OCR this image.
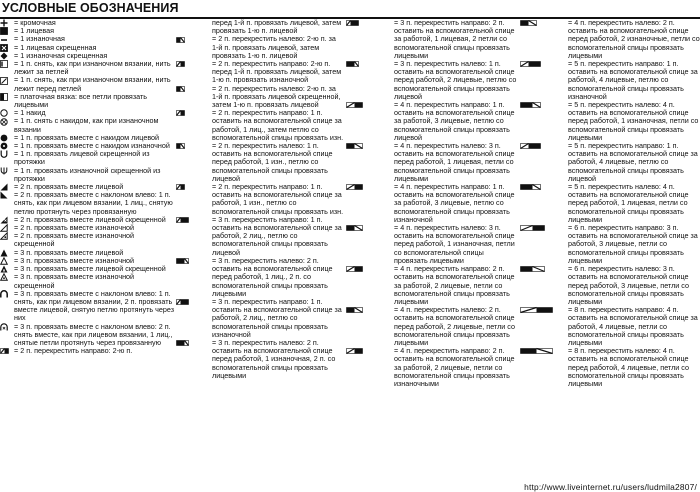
УСЛОВНЫЕ ОБОЗНАЧЕНИЯ
= кромочная
= 1 лицевая
= 1 изнаночная
= 1 лицевая скрещенная
= 1 изнаночная скрещенная
= 1 п. снять, как при изнаночном вязании, нить лежит за петлей
= 1 п. снять, как при изнаночном вязании, нить лежит перед петлей
= платочная вязка: все петли провязать лицевыми
= 1 накид
= 1 п. снять с накидом, как при изнаночном вязании
= 1 п. провязать вместе с накидом лицевой
= 1 п. провязать вместе с накидом изнаночной
= 1 п. провязать лицевой скрещенной из протяжки
= 1 п. провязать изнаночной скрещенной из протяжки
= 2 п. провязать вместе лицевой
= 2 п. провязать вместе с наклоном влево: 1 п. снять, как при лицевом вязании, 1 лиц., снятую петлю протянуть через провязанную
= 2 п. провязать вместе лицевой скрещенной
= 2 п. провязать вместе изнаночной
= 2 п. провязать вместе изнаночной скрещенной
= 3 п. провязать вместе лицевой
= 3 п. провязать вместе изнаночной
= 3 п. провязать вместе лицевой скрещенной
= 3 п. провязать вместе изнаночной скрещенной
= 3 п. провязать вместе с наклоном влево: 1 п. снять, как при лицевом вязании, 2 п. провязать вместе лицевой, снятую петлю протянуть через них
= 3 п. провязать вместе с наклоном влево: 2 п. снять вместе, как при лицевом вязании, 1 лиц., снятые петли протянуть через провязанную
= 2 п. перекрестить направо: 2-ю п.
перед 1-й п. провязать лицевой, затем провязать 1-ю п. лицевой
= 2 п. перекрестить налево: 2-ю п. за 1-й п. провязать лицевой, затем провязать 1-ю п. лицевой
= 2 п. перекрестить направо: 2-ю п. перед 1-й п. провязать лицевой, затем 1-ю п. провязать изнаночной
= 2 п. перекрестить налево: 2-ю п. за 1-й п. провязать лицевой скрещенной, затем 1-ю п. провязать лицевой
= 2 п. перекрестить направо: 1 п. оставить на вспомогательной спице за работой, 1 лиц., затем петлю со вспомогательной спицы провязать изн.
= 2 п. перекрестить налево: 1 п. оставить на вспомогательной спице перед работой, 1 изн., петлю со вспомогательной спицы провязать лицевой
= 2 п. перекрестить направо: 1 п. оставить на вспомогательной спице за работой, 1 изн., петлю со вспомогательной спицы провязать изн.
= 3 п. перекрестить направо: 1 п. оставить на вспомогательной спице за работой, 2 лиц., петлю со вспомогательной спицы провязать лицевой
= 3 п. перекрестить налево: 2 п. оставить на вспомогательной спице перед работой, 1 лиц., 2 п. со вспомогательной спицы провязать лицевыми
= 3 п. перекрестить направо: 1 п. оставить на вспомогательной спице за работой, 2 лиц., петлю со вспомогательной спицы провязать изнаночной
= 3 п. перекрестить налево: 2 п. оставить на вспомогательной спице перед работой, 1 изнаночная, 2 п. со вспомогательной спицы провязать лицевыми
= 3 п. перекрестить направо: 2 п. оставить на вспомогательной спице за работой, 1 лицевая, 2 петли со вспомогательной спицы провязать лицевыми
= 3 п. перекрестить налево: 1 п. оставить на вспомогательной спице перед работой, 2 лицевые, петлю со вспомогательной спицы провязать лицевой
= 4 п. перекрестить направо: 1 п. оставить на вспомогательной спице за работой, 3 лицевые, петлю со вспомогательной спицы провязать лицевой
= 4 п. перекрестить налево: 3 п. оставить на вспомогательной спице перед работой, 1 лицевая, петли со вспомогательной спицы провязать лицевыми
= 4 п. перекрестить направо: 1 п. оставить на вспомогательной спице за работой, 3 лицевые, петлю со вспомогательной спицы провязать изнаночной
= 4 п. перекрестить налево: 3 п. оставить на вспомогательной спице перед работой, 1 изнаночная, петли со вспомогательной спицы провязать лицевыми
= 4 п. перекрестить направо: 2 п. оставить на вспомогательной спице за работой, 2 лицевые, петли со вспомогательной спицы провязать лицевыми
= 4 п. перекрестить налево: 2 п. оставить на вспомогательной спице перед работой, 2 лицевые, петли со вспомогательной спицы провязать лицевыми
= 4 п. перекрестить направо: 2 п. оставить на вспомогательной спице за работой, 2 лицевые, петли со вспомогательной спицы провязать изнаночными
= 4 п. перекрестить налево: 2 п. оставить на вспомогательной спице перед работой, 2 изнаночные, петли со вспомогательной спицы провязать лицевыми
= 5 п. перекрестить направо: 1 п. оставить на вспомогательной спице за работой, 4 лицевые, петлю со вспомогательной спицы провязать изнаночной
= 5 п. перекрестить налево: 4 п. оставить на вспомогательной спице перед работой, 1 изнаночная, петли со вспомогательной спицы провязать лицевыми
= 5 п. перекрестить направо: 1 п. оставить на вспомогательной спице за работой, 4 лицевые, петлю со вспомогательной спицы провязать лицевой
= 5 п. перекрестить налево: 4 п. оставить на вспомогательной спице перед работой, 1 лицевая, петли со вспомогательной спицы провязать лицевыми
= 6 п. перекрестить направо: 3 п. оставить на вспомогательной спице за работой, 3 лицевые, петли со вспомогательной спицы провязать лицевыми
= 6 п. перекрестить налево: 3 п. оставить на вспомогательной спице перед работой, 3 лицевые, петли со вспомогательной спицы провязать лицевыми
= 8 п. перекрестить направо: 4 п. оставить на вспомогательной спице за работой, 4 лицевые, петли со вспомогательной спицы провязать лицевыми
= 8 п. перекрестить налево: 4 п. оставить на вспомогательной спице перед работой, 4 лицевые, петли со вспомогательной спицы провязать лицевыми
http://www.liveinternet.ru/users/ludmila2807/
